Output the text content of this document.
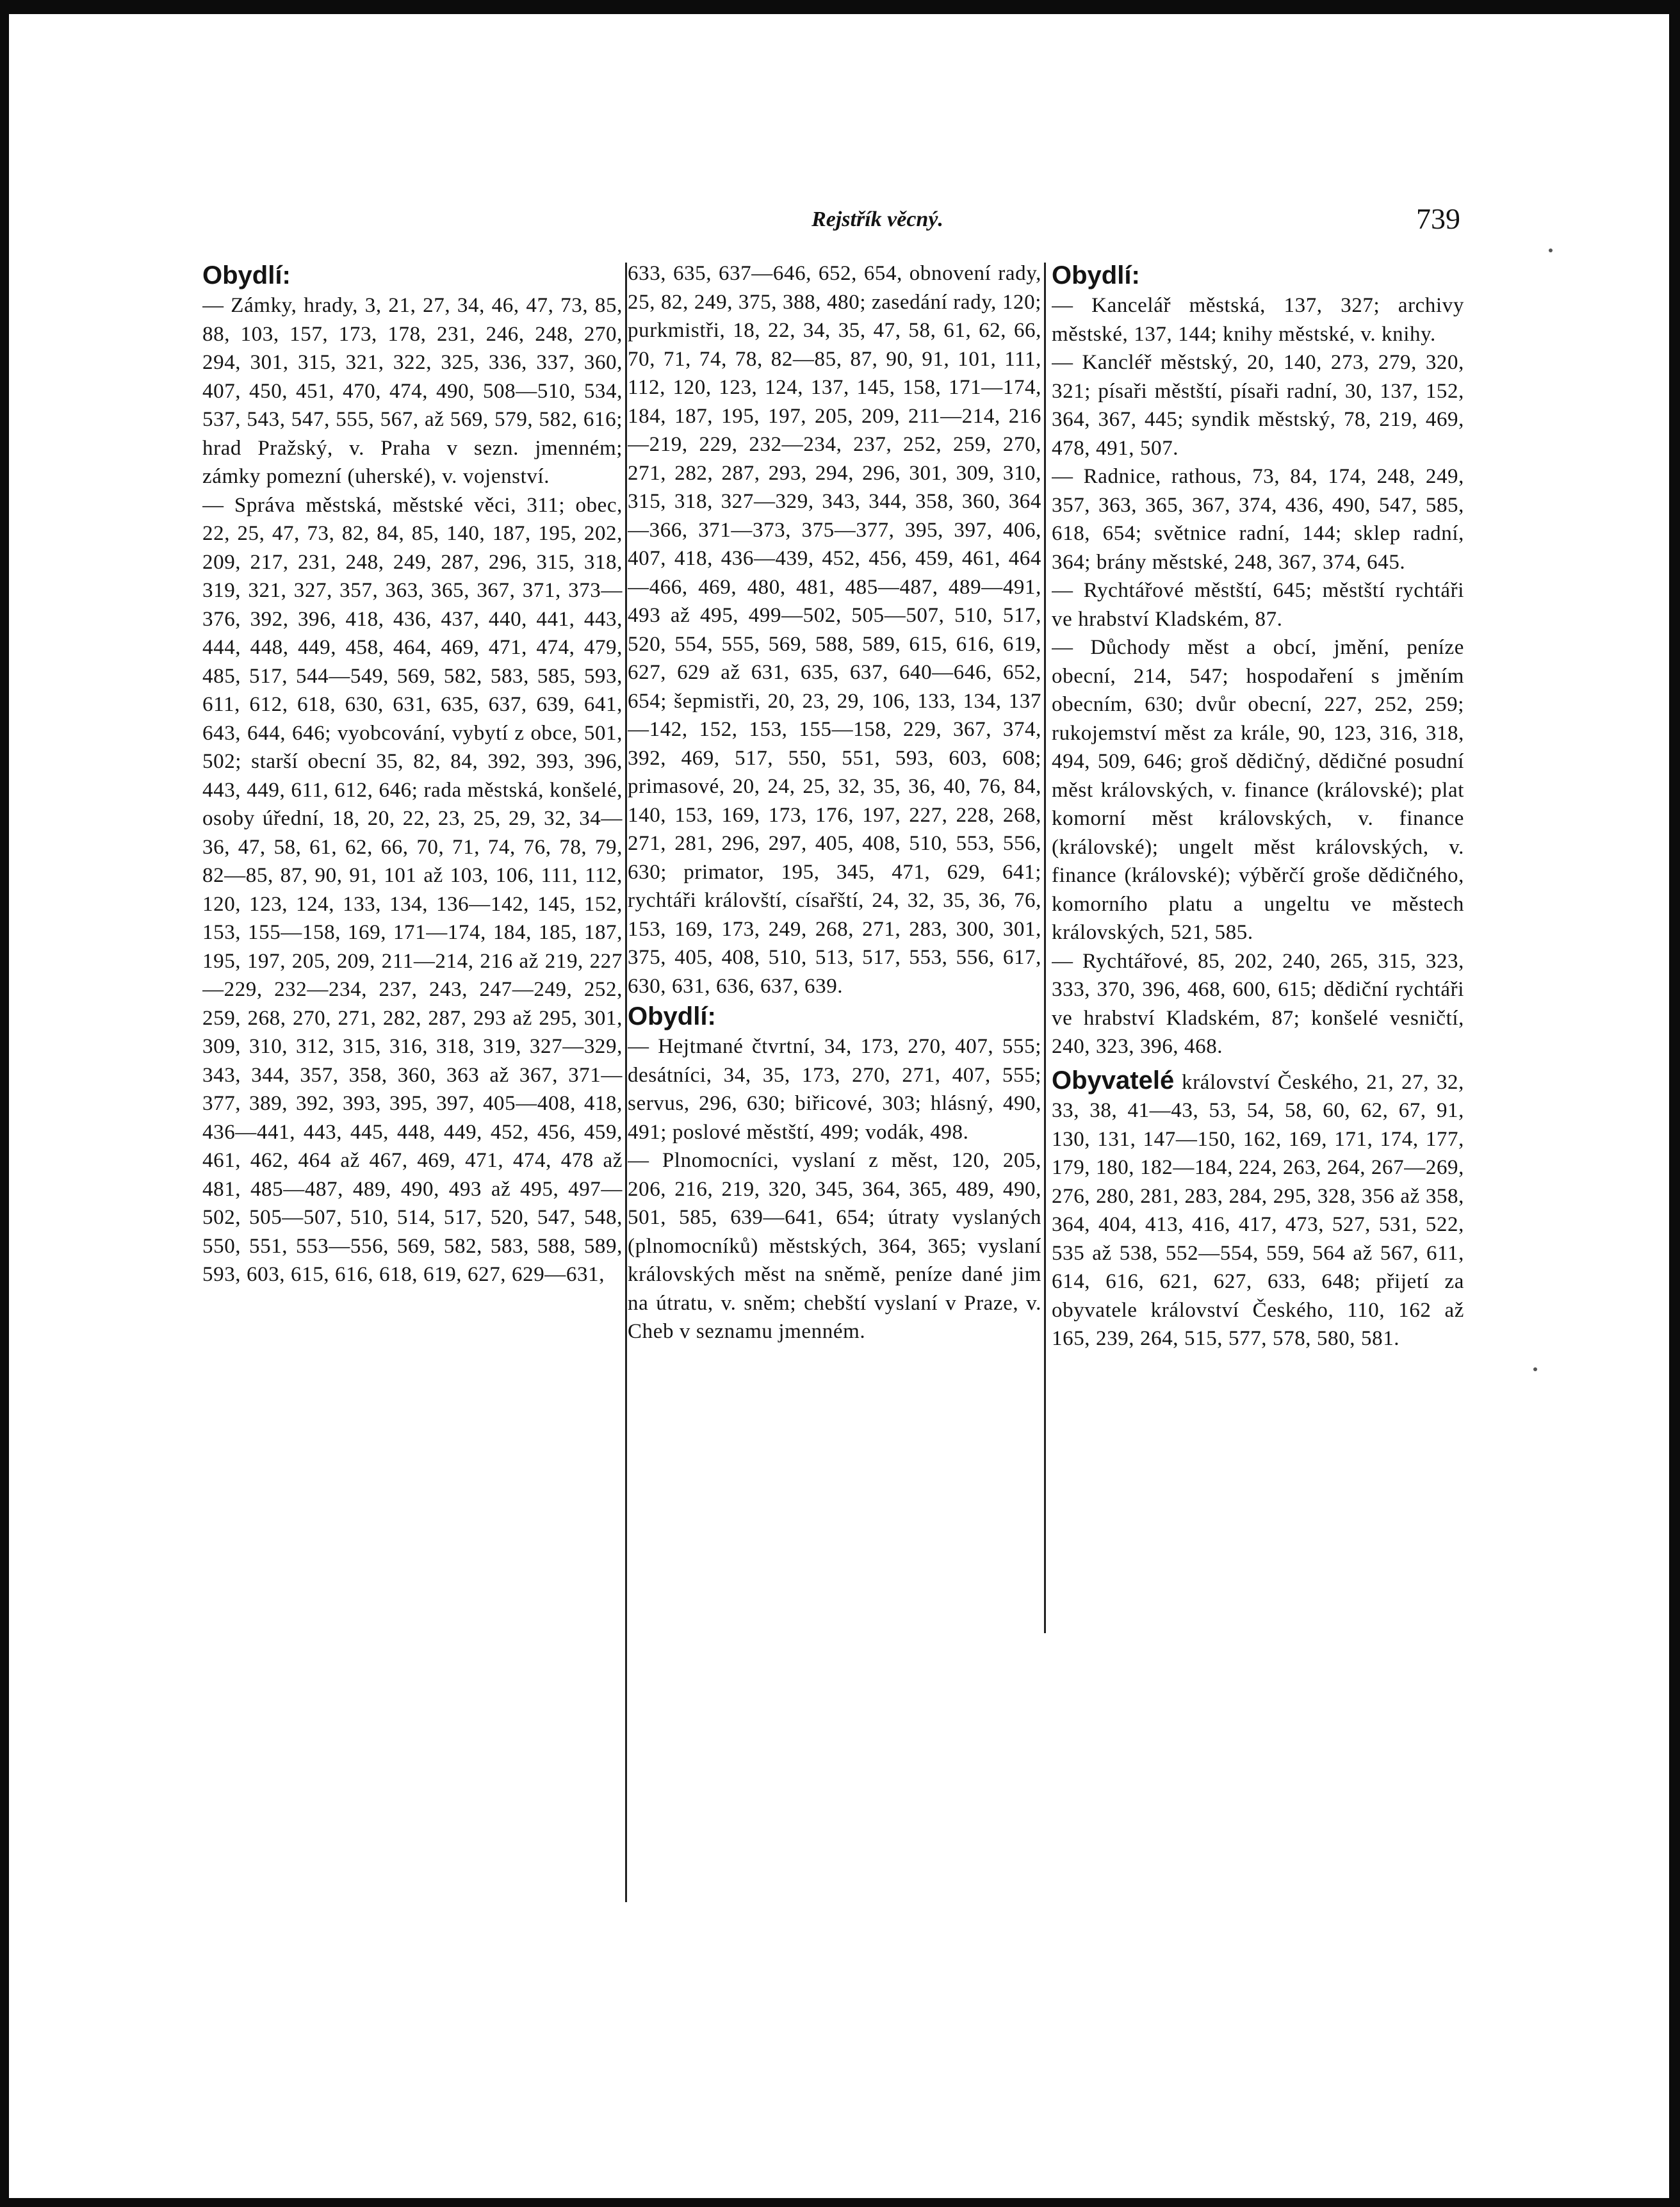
Rejstřík věcný.	739
Obydlí:

— Zámky, hrady, 3, 21, 27, 34, 46, 47, 73, 85, 88, 103, 157, 173, 178, 231, 246, 248, 270, 294, 301, 315, 321, 322, 325, 336, 337, 360, 407, 450, 451, 470, 474, 490, 508—510, 534, 537, 543, 547, 555, 567, až 569, 579, 582, 616; hrad Pražský, v. Praha v sezn. jmenném; zámky pomezní (uherské), v. vojenství.

— Správa městská, městské věci, 311; obec, 22, 25, 47, 73, 82, 84, 85, 140, 187, 195, 202, 209, 217, 231, 248, 249, 287, 296, 315, 318, 319, 321, 327, 357, 363, 365, 367, 371, 373—376, 392, 396, 418, 436, 437, 440, 441, 443, 444, 448, 449, 458, 464, 469, 471, 474, 479, 485, 517, 544—549, 569, 582, 583, 585, 593, 611, 612, 618, 630, 631, 635, 637, 639, 641, 643, 644, 646; vyobcování, vybytí z obce, 501, 502; starší obecní 35, 82, 84, 392, 393, 396, 443, 449, 611, 612, 646; rada městská, konšelé, osoby úřední, 18, 20, 22, 23, 25, 29, 32, 34—36, 47, 58, 61, 62, 66, 70, 71, 74, 76, 78, 79, 82—85, 87, 90, 91, 101 až 103, 106, 111, 112, 120, 123, 124, 133, 134, 136—142, 145, 152, 153, 155—158, 169, 171—174, 184, 185, 187, 195, 197, 205, 209, 211—214, 216 až 219, 227—229, 232—234, 237, 243, 247—249, 252, 259, 268, 270, 271, 282, 287, 293 až 295, 301, 309, 310, 312, 315, 316, 318, 319, 327—329, 343, 344, 357, 358, 360, 363 až 367, 371—377, 389, 392, 393, 395, 397, 405—408, 418, 436—441, 443, 445, 448, 449, 452, 456, 459, 461, 462, 464 až 467, 469, 471, 474, 478 až 481, 485—487, 489, 490, 493 až 495, 497—502, 505—507, 510, 514, 517, 520, 547, 548, 550, 551, 553—556, 569, 582, 583, 588, 589, 593, 603, 615, 616, 618, 619, 627, 629—631,

633, 635, 637—646, 652, 654, obnovení rady, 25, 82, 249, 375, 388, 480; zasedání rady, 120; purkmistři, 18, 22, 34, 35, 47, 58, 61, 62, 66, 70, 71, 74, 78, 82—85, 87, 90, 91, 101, 111, 112, 120, 123, 124, 137, 145, 158, 171—174, 184, 187, 195, 197, 205, 209, 211—214, 216—219, 229, 232—234, 237, 252, 259, 270, 271, 282, 287, 293, 294, 296, 301, 309, 310, 315, 318, 327—329, 343, 344, 358, 360, 364—366, 371—373, 375—377, 395, 397, 406, 407, 418, 436—439, 452, 456, 459, 461, 464—466, 469, 480, 481, 485—487, 489—491, 493 až 495, 499—502, 505—507, 510, 517, 520, 554, 555, 569, 588, 589, 615, 616, 619, 627, 629 až 631, 635, 637, 640—646, 652, 654; šepmistři, 20, 23, 29, 106, 133, 134, 137—142, 152, 153, 155—158, 229, 367, 374, 392, 469, 517, 550, 551, 593, 603, 608; primasové, 20, 24, 25, 32, 35, 36, 40, 76, 84, 140, 153, 169, 173, 176, 197, 227, 228, 268, 271, 281, 296, 297, 405, 408, 510, 553, 556, 630; primator, 195, 345, 471, 629, 641; rychtáři královští, císařští, 24, 32, 35, 36, 76, 153, 169, 173, 249, 268, 271, 283, 300, 301, 375, 405, 408, 510, 513, 517, 553, 556, 617, 630, 631, 636, 637, 639.

Obydlí:

— Hejtmané čtvrtní, 34, 173, 270, 407, 555; desátníci, 34, 35, 173, 270, 271, 407, 555; servus, 296, 630; biřicové, 303; hlásný, 490, 491; poslové městští, 499; vodák, 498.

— Plnomocníci, vyslaní z měst, 120, 205, 206, 216, 219, 320, 345, 364, 365, 489, 490, 501, 585, 639—641, 654; útraty vyslaných (plnomocníků) městských, 364, 365; vyslaní královských měst na sněmě, peníze dané jim na útratu, v. sněm; chebští vyslaní v Praze, v. Cheb v seznamu jmenném.

Obydlí:

— Kancelář městská, 137, 327; archivy městské, 137, 144; knihy městské, v. knihy.

— Kancléř městský, 20, 140, 273, 279, 320, 321; písaři městští, písaři radní, 30, 137, 152, 364, 367, 445; syndik městský, 78, 219, 469, 478, 491, 507.

— Radnice, rathous, 73, 84, 174, 248, 249, 357, 363, 365, 367, 374, 436, 490, 547, 585, 618, 654; světnice radní, 144; sklep radní, 364; brány městské, 248, 367, 374, 645.

— Rychtářové městští, 645; městští rychtáři ve hrabství Kladském, 87.

— Důchody měst a obcí, jmění, peníze obecní, 214, 547; hospodaření s jměním obecním, 630; dvůr obecní, 227, 252, 259; rukojemství měst za krále, 90, 123, 316, 318, 494, 509, 646; groš dědičný, dědičné posudní měst královských, v. finance (královské); plat komorní měst královských, v. finance (královské); ungelt měst královských, v. finance (královské); výběrčí groše dědičného, komorního platu a ungeltu ve městech královských, 521, 585.

— Rychtářové, 85, 202, 240, 265, 315, 323, 333, 370, 396, 468, 600, 615; dědiční rychtáři ve hrabství Kladském, 87; konšelé vesničtí, 240, 323, 396, 468.

Obyvatelé království Českého, 21, 27, 32, 33, 38, 41—43, 53, 54, 58, 60, 62, 67, 91, 130, 131, 147—150, 162, 169, 171, 174, 177, 179, 180, 182—184, 224, 263, 264, 267—269, 276, 280, 281, 283, 284, 295, 328, 356 až 358, 364, 404, 413, 416, 417, 473, 527, 531, 522, 535 až 538, 552—554, 559, 564 až 567, 611, 614, 616, 621, 627, 633, 648; přijetí za obyvatele království Českého, 110, 162 až 165, 239, 264, 515, 577, 578, 580, 581.
